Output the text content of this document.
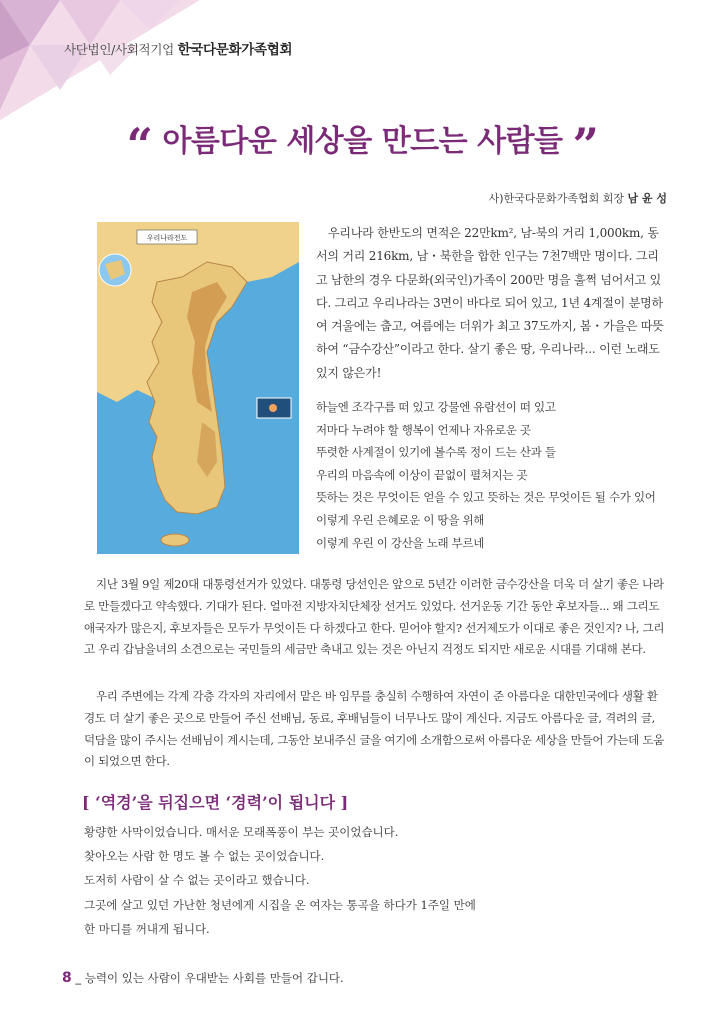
사단법인/사회적기업 한국다문화가족협회
“ 아름다운 세상을 만드는 사람들 ”
사)한국다문화가족협회 회장 남 윤 성
우리나라전도	우리나라 한반도의 면적은 22만km², 남-북의 거리 1,000km, 동서의 거리 216km, 남・북한을 합한 인구는 7천7백만 명이다. 그리고 남한의 경우 다문화(외국인)가족이 200만 명을 훌쩍 넘어서고 있다. 그리고 우리나라는 3면이 바다로 되어 있고, 1년 4계절이 분명하여 겨울에는 춥고, 여름에는 더위가 최고 37도까지, 봄・가을은 따뜻하여 “금수강산”이라고 한다. 살기 좋은 땅, 우리나라... 이런 노래도 있지 않은가!

하늘엔 조각구름 떠 있고 강물엔 유람선이 떠 있고
저마다 누려야 할 행복이 언제나 자유로운 곳
뚜렷한 사계절이 있기에 볼수록 정이 드는 산과 들
우리의 마음속에 이상이 끝없이 펼쳐지는 곳
뜻하는 것은 무엇이든 얻을 수 있고 뜻하는 것은 무엇이든 될 수가 있어
이렇게 우린 은혜로운 이 땅을 위해
이렇게 우린 이 강산을 노래 부르네

지난 3월 9일 제20대 대통령선거가 있었다. 대통령 당선인은 앞으로 5년간 이러한 금수강산을 더욱 더 살기 좋은 나라로 만들겠다고 약속했다. 기대가 된다. 얼마전 지방자치단체장 선거도 있었다. 선거운동 기간 동안 후보자들... 왜 그리도 애국자가 많은지, 후보자들은 모두가 무엇이든 다 하겠다고 한다. 믿어야 할지? 선거제도가 이대로 좋은 것인지? 나, 그리고 우리 갑남을녀의 소견으로는 국민들의 세금만 축내고 있는 것은 아닌지 걱정도 되지만 새로운 시대를 기대해 본다.

우리 주변에는 각계 각층 각자의 자리에서 맡은 바 임무를 충실히 수행하여 자연이 준 아름다운 대한민국에다 생활 환경도 더 살기 좋은 곳으로 만들어 주신 선배님, 동료, 후배님들이 너무나도 많이 계신다. 지금도 아름다운 글, 격려의 글, 덕담을 많이 주시는 선배님이 계시는데, 그동안 보내주신 글을 여기에 소개함으로써 아름다운 세상을 만들어 가는데 도움이 되었으면 한다.

[ ‘역경’을 뒤집으면 ‘경력’이 됩니다 ]
황량한 사막이었습니다. 매서운 모래폭풍이 부는 곳이었습니다.
찾아오는 사람 한 명도 볼 수 없는 곳이었습니다.
도저히 사람이 살 수 없는 곳이라고 했습니다.
그곳에 살고 있던 가난한 청년에게 시집을 온 여자는 통곡을 하다가 1주일 만에
한 마디를 꺼내게 됩니다.
8 _ 능력이 있는 사람이 우대받는 사회를 만들어 갑니다.
